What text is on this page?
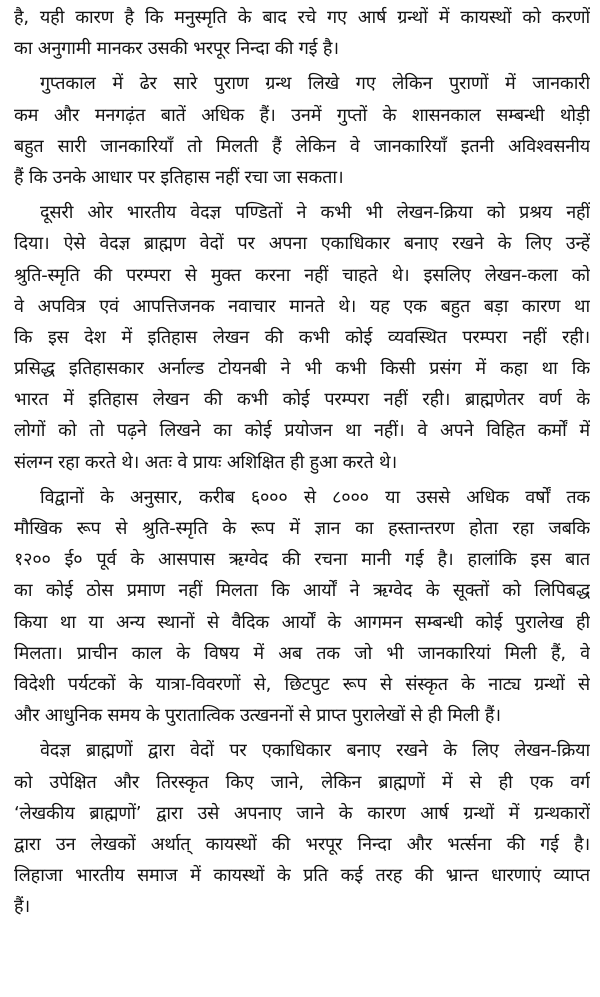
है, यही कारण है कि मनुस्मृति के बाद रचे गए आर्ष ग्रन्थों में कायस्थों को करणों
का अनुगामी मानकर उसकी भरपूर निन्दा की गई है।
गुप्तकाल में ढेर सारे पुराण ग्रन्थ लिखे गए लेकिन पुराणों में जानकारी
कम और मनगढ़ंत बातें अधिक हैं। उनमें गुप्तों के शासनकाल सम्बन्धी थोड़ी
बहुत सारी जानकारियाँ तो मिलती हैं लेकिन वे जानकारियाँ इतनी अविश्वसनीय
हैं कि उनके आधार पर इतिहास नहीं रचा जा सकता।
दूसरी ओर भारतीय वेदज्ञ पण्डितों ने कभी भी लेखन-क्रिया को प्रश्रय नहीं
दिया। ऐसे वेदज्ञ ब्राह्मण वेदों पर अपना एकाधिकार बनाए रखने के लिए उन्हें
श्रुति-स्मृति की परम्परा से मुक्त करना नहीं चाहते थे। इसलिए लेखन-कला को
वे अपवित्र एवं आपत्तिजनक नवाचार मानते थे। यह एक बहुत बड़ा कारण था
कि इस देश में इतिहास लेखन की कभी कोई व्यवस्थित परम्परा नहीं रही।
प्रसिद्ध इतिहासकार अर्नाल्ड टोयनबी ने भी कभी किसी प्रसंग में कहा था कि
भारत में इतिहास लेखन की कभी कोई परम्परा नहीं रही। ब्राह्मणेतर वर्ण के
लोगों को तो पढ़ने लिखने का कोई प्रयोजन था नहीं। वे अपने विहित कर्मों में
संलग्न रहा करते थे। अतः वे प्रायः अशिक्षित ही हुआ करते थे।
विद्वानों के अनुसार, करीब ६००० से ८००० या उससे अधिक वर्षों तक
मौखिक रूप से श्रुति-स्मृति के रूप में ज्ञान का हस्तान्तरण होता रहा जबकि
१२०० ई० पूर्व के आसपास ऋग्वेद की रचना मानी गई है। हालांकि इस बात
का कोई ठोस प्रमाण नहीं मिलता कि आर्यों ने ऋग्वेद के सूक्तों को लिपिबद्ध
किया था या अन्य स्थानों से वैदिक आर्यों के आगमन सम्बन्धी कोई पुरालेख ही
मिलता। प्राचीन काल के विषय में अब तक जो भी जानकारियां मिली हैं, वे
विदेशी पर्यटकों के यात्रा-विवरणों से, छिटपुट रूप से संस्कृत के नाट्य ग्रन्थों से
और आधुनिक समय के पुरातात्विक उत्खननों से प्राप्त पुरालेखों से ही मिली हैं।
वेदज्ञ ब्राह्मणों द्वारा वेदों पर एकाधिकार बनाए रखने के लिए लेखन-क्रिया
को उपेक्षित और तिरस्कृत किए जाने, लेकिन ब्राह्मणों में से ही एक वर्ग
‘लेखकीय ब्राह्मणों’ द्वारा उसे अपनाए जाने के कारण आर्ष ग्रन्थों में ग्रन्थकारों
द्वारा उन लेखकों अर्थात् कायस्थों की भरपूर निन्दा और भर्त्सना की गई है।
लिहाजा भारतीय समाज में कायस्थों के प्रति कई तरह की भ्रान्त धारणाएं व्याप्त
हैं।
